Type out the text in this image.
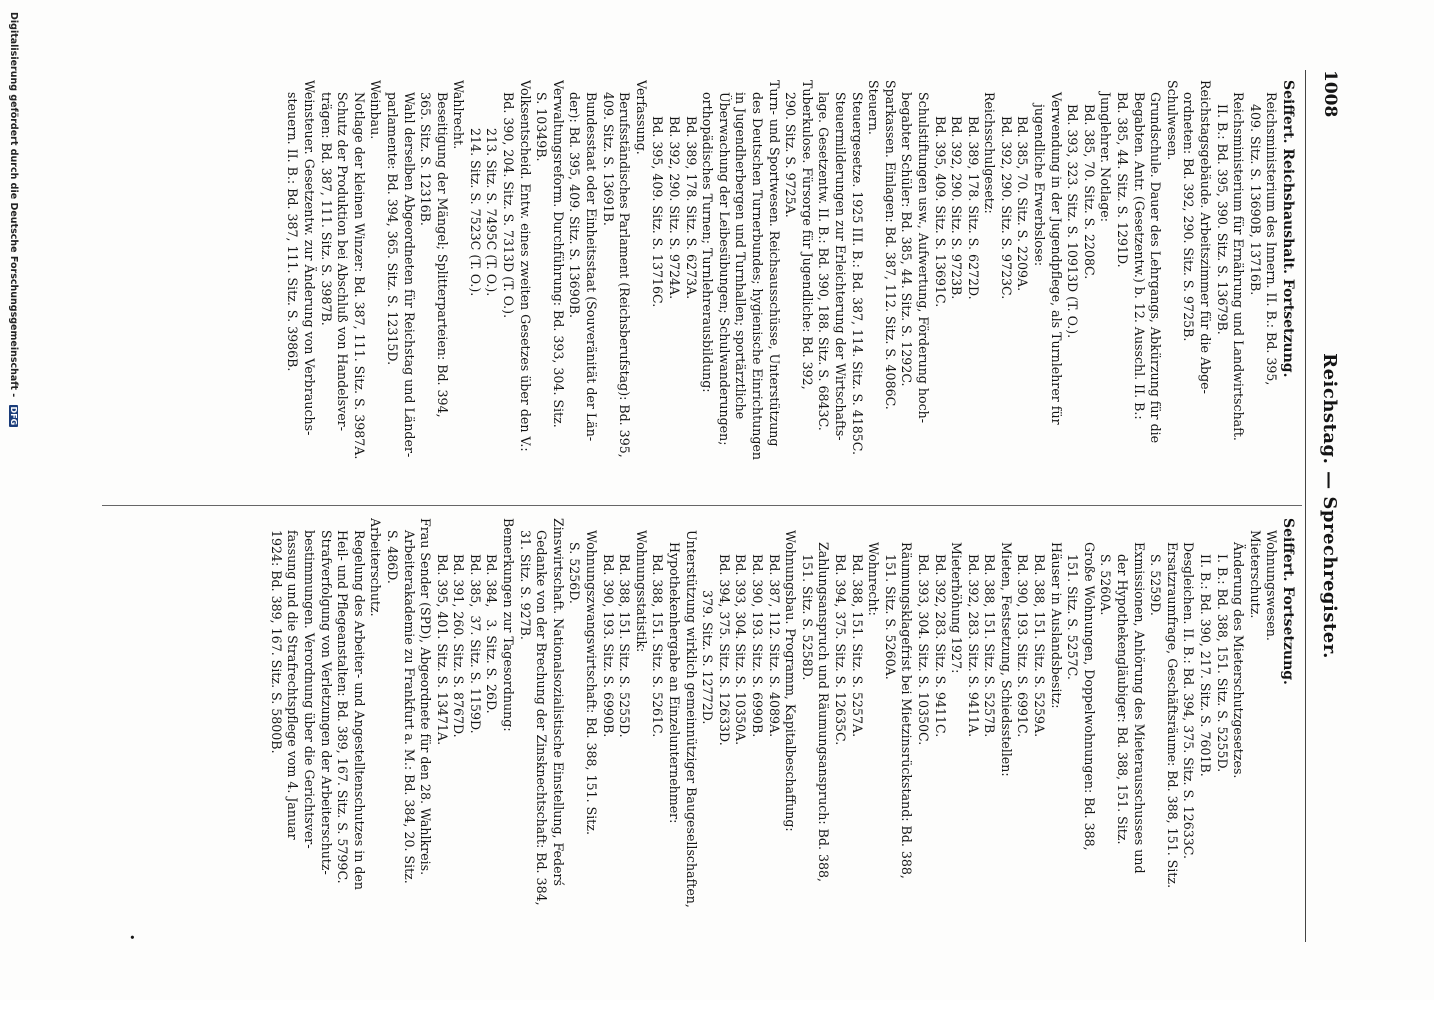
1008
Reichstag. — Sprechregister.
Seiffert. Reichshaushalt. Fortsetzung.
Reichsministerium des Innern. II. B.: Bd. 395,
409. Sitz. S. 13690B, 13716B.
Reichsministerium für Ernährung und Landwirtschaft.
II. B.: Bd. 395, 390. Sitz. S. 13679B.
Reichstagsgebäude. Arbeitszimmer für die Abge-
ordneten: Bd. 392, 290. Sitz. S. 9725B.
Schulwesen.
Grundschule. Dauer des Lehrgangs, Abkürzung für die
Begabten. Antr. (Gesetzentw.) b. 12. Ausschl. II. B.:
Bd. 385, 44. Sitz. S. 1291D.
Junglehrer. Notlage:
Bd. 385, 70. Sitz. S. 2208C.
Bd. 393, 323. Sitz. S. 10913D (T. O.).
Verwendung in der Jugendpflege, als Turnlehrer für
jugendliche Erwerbslose:
Bd. 385, 70. Sitz. S. 2209A.
Bd. 392, 290. Sitz. S. 9723C.
Reichsschulgesetz:
Bd. 389, 178. Sitz. S. 6272D.
Bd. 392, 290. Sitz. S. 9723B.
Bd. 395, 409. Sitz. S. 13691C.
Schulstiftungen usw., Aufwertung, Förderung hoch-
begabter Schüler: Bd. 385, 44. Sitz. S. 1292C.
Sparkassen. Einlagen: Bd. 387, 112. Sitz. S. 4086C.
Steuern.
Steuergesetze. 1925 III. B.: Bd. 387, 114. Sitz. S. 4185C.
Steuermilderungen zur Erleichterung der Wirtschafts-
lage. Gesetzentw. II. B.: Bd. 390, 188. Sitz. S. 6843C.
Tuberkulose. Fürsorge für Jugendliche: Bd. 392,
290. Sitz. S. 9725A.
Turn- und Sportwesen. Reichsausschüsse, Unterstützung
des Deutschen Turnerbundes; hygienische Einrichtungen
in Jugendherbergen und Turnhallen; sportärztliche
Überwachung der Leibesübungen; Schulwanderungen;
orthopädisches Turnen; Turnlehrerausbildung:
Bd. 389, 178. Sitz. S. 6273A.
Bd. 392, 290. Sitz. S. 9724A.
Bd. 395, 409. Sitz. S. 13716C.
Verfassung.
Berufsständisches Parlament (Reichsberufstag): Bd. 395,
409. Sitz. S. 13691B.
Bundesstaat oder Einheitsstaat (Souveränität der Län-
der): Bd. 395, 409. Sitz. S. 13690B.
Verwaltungsreform. Durchführung: Bd. 393, 304. Sitz.
S. 10349B.
Volksentscheid. Entw. eines zweiten Gesetzes über den V.:
Bd. 390, 204. Sitz. S. 7313D (T. O.).
213. Sitz. S. 7495C (T. O.).
214. Sitz. S. 7523C (T. O.).
Wahlrecht.
Beseitigung der Mängel; Splitterparteien: Bd. 394,
365. Sitz. S. 12316B.
Wahl derselben Abgeordneten für Reichstag und Länder-
parlamente: Bd. 394, 365. Sitz. S. 12315D.
Weinbau.
Notlage der kleinen Winzer: Bd. 387, 111. Sitz. S. 3987A.
Schutz der Produktion bei Abschluß von Handelsver-
trägen: Bd. 387, 111. Sitz. S. 3987B.
Weinsteuer. Gesetzentw. zur Änderung von Verbrauchs-
steuern. II. B.: Bd. 387, 111. Sitz. S. 3986B.
Seiffert. Fortsetzung.
Wohnungswesen.
Mieterschutz.
Änderung des Mieterschutzgesetzes.
I. B.: Bd. 388, 151. Sitz. S. 5255D.
II. B.: Bd. 390, 217. Sitz. S. 7601B.
Desgleichen. II. B.: Bd. 394, 375. Sitz. S. 12633C.
Ersatzraumfrage, Geschäftsräume: Bd. 388, 151. Sitz.
S. 5259D.
Exmissionen, Anhörung des Mieterausschusses und
der Hypothekengläubiger: Bd. 388, 151. Sitz.
S. 5260A.
Große Wohnungen, Doppelwohnungen: Bd. 388,
151. Sitz. S. 5257C.
Häuser in Auslandsbesitz:
Bd. 388, 151. Sitz. S. 5259A.
Bd. 390, 193. Sitz. S. 6991C.
Mieten, Festsetzung, Schiedsstellen:
Bd. 388, 151. Sitz. S. 5257B.
Bd. 392, 283. Sitz. S. 9411A.
Mieterhöhung 1927:
Bd. 392, 283. Sitz. S. 9411C.
Bd. 393, 304. Sitz. S. 10350C.
Räumungsklagefrist bei Mietzinsrückstand: Bd. 388,
151. Sitz. S. 5260A.
Wohnrecht:
Bd. 388, 151. Sitz. S. 5257A.
Bd. 394, 375. Sitz. S. 12635C.
Zahlungsanspruch und Räumungsanspruch: Bd. 388,
151. Sitz. S. 5258D.
Wohnungsbau. Programm, Kapitalbeschaffung:
Bd. 387, 112. Sitz. S. 4089A.
Bd. 390, 193. Sitz. S. 6990B.
Bd. 393, 304. Sitz. S. 10350A.
Bd. 394, 375. Sitz. S. 12633D.
379. Sitz. S. 12772D.
Unterstützung wirklich gemeinnütziger Baugesellschaften,
Hypothekenhergabe an Einzelunternehmer:
Bd. 388, 151. Sitz. S. 5261C.
Wohnungsstatistik:
Bd. 388, 151. Sitz. S. 5255D.
Bd. 390, 193. Sitz. S. 6990B.
Wohnungszwangswirtschaft: Bd. 388, 151. Sitz.
S. 5256D.
Zinswirtschaft. Nationalsozialistische Einstellung, Federś
Gedanke von der Brechung der Zinsknechtschaft: Bd. 384,
31. Sitz. S. 927B.
Bemerkungen zur Tagesordnung:
Bd. 384,   3. Sitz. S. 26D.
Bd. 385,  37. Sitz. S. 1159D.
Bd. 391, 260. Sitz. S. 8767D.
Bd. 395, 401. Sitz. S. 13471A.
Frau Sender (SPD), Abgeordnete für den 28. Wahlkreis.
Arbeiterakademie zu Frankfurt a. M.: Bd. 384, 20. Sitz.
S. 486D.
Arbeiterschutz.
Regelung des Arbeiter- und Angestelltenschutzes in den
Heil- und Pflegeanstalten: Bd. 389, 167. Sitz. S. 5799C.
Strafverfolgung von Verletzungen der Arbeiterschutz-
bestimmungen. Verordnung über die Gerichtsver-
fassung und die Strafrechtspflege vom 4. Januar
1924: Bd. 389, 167. Sitz. S. 5800B.
•
Digitalisierung gefördert durch die Deutsche Forschungsgemeinschaft - DFG
